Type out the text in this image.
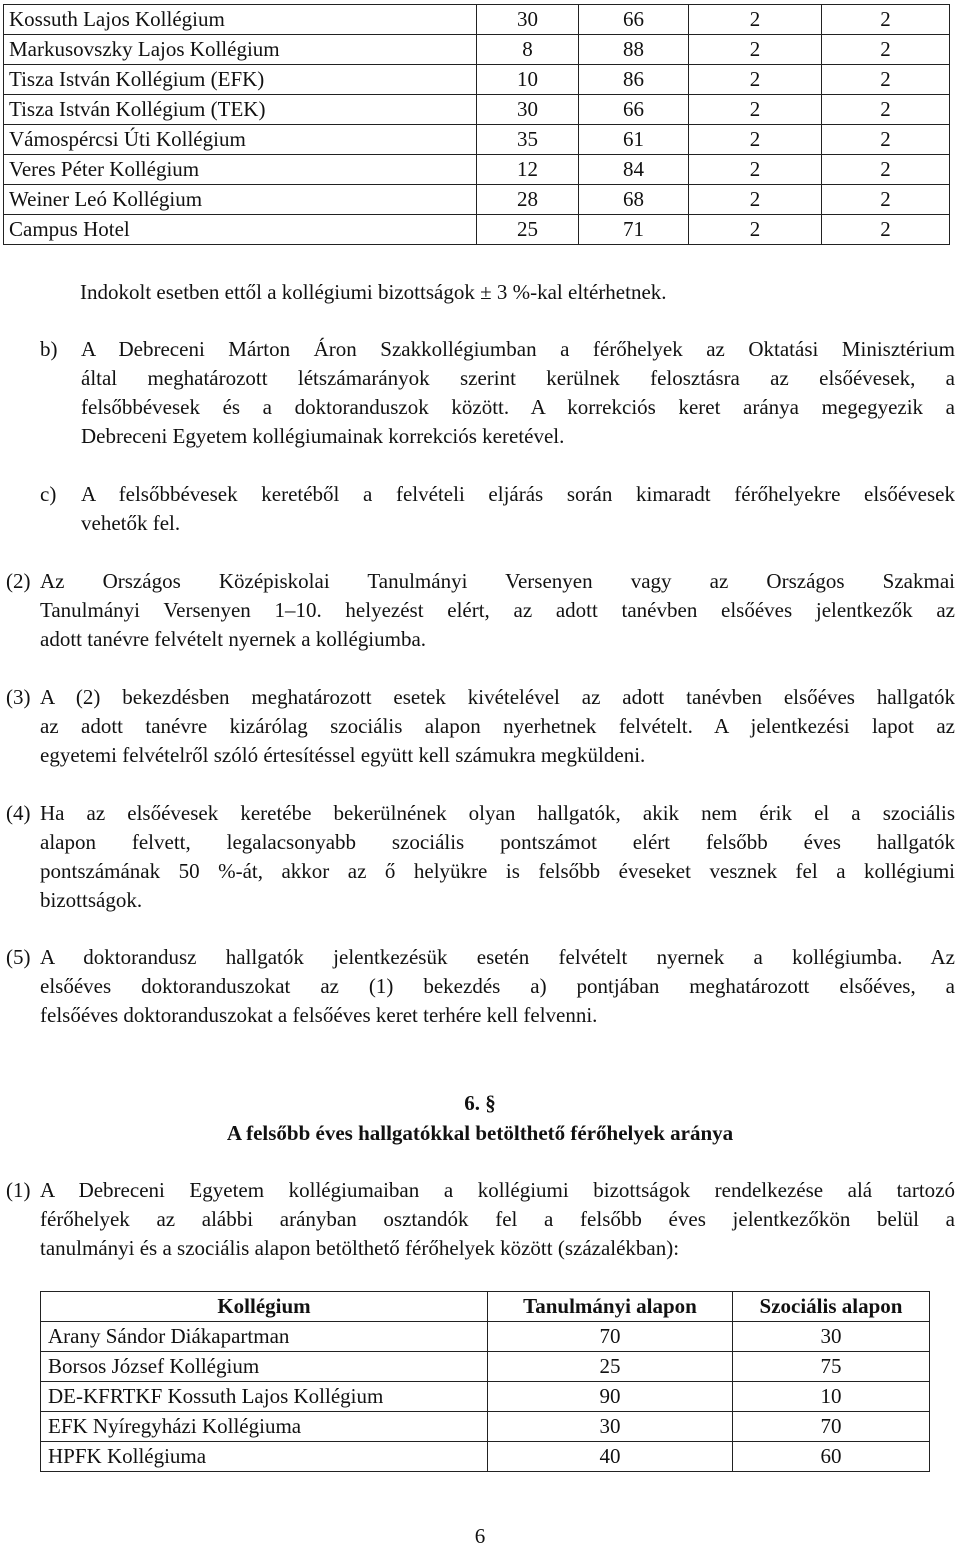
Kossuth Lajos Kollégium	30	66	2	2
Markusovszky Lajos Kollégium	8	88	2	2
Tisza István Kollégium (EFK)	10	86	2	2
Tisza István Kollégium (TEK)	30	66	2	2
Vámospércsi Úti Kollégium	35	61	2	2
Veres Péter Kollégium	12	84	2	2
Weiner Leó Kollégium	28	68	2	2
Campus Hotel	25	71	2	2
Indokolt esetben ettől a kollégiumi bizottságok ± 3 %-kal eltérhetnek.
b) A Debreceni Márton Áron Szakkollégiumban a férőhelyek az Oktatási Minisztérium
által meghatározott létszámarányok szerint kerülnek felosztásra az elsőévesek, a
felsőbbévesek és a doktoranduszok között. A korrekciós keret aránya megegyezik a
Debreceni Egyetem kollégiumainak korrekciós keretével.
c) A felsőbbévesek keretéből a felvételi eljárás során kimaradt férőhelyekre elsőévesek
vehetők fel.
(2) Az Országos Középiskolai Tanulmányi Versenyen vagy az Országos Szakmai
Tanulmányi Versenyen 1–10. helyezést elért, az adott tanévben elsőéves jelentkezők az
adott tanévre felvételt nyernek a kollégiumba.
(3) A (2) bekezdésben meghatározott esetek kivételével az adott tanévben elsőéves hallgatók
az adott tanévre kizárólag szociális alapon nyerhetnek felvételt. A jelentkezési lapot az
egyetemi felvételről szóló értesítéssel együtt kell számukra megküldeni.
(4) Ha az elsőévesek keretébe bekerülnének olyan hallgatók, akik nem érik el a szociális
alapon felvett, legalacsonyabb szociális pontszámot elért felsőbb éves hallgatók
pontszámának 50 %-át, akkor az ő helyükre is felsőbb éveseket vesznek fel a kollégiumi
bizottságok.
(5) A doktorandusz hallgatók jelentkezésük esetén felvételt nyernek a kollégiumba. Az
elsőéves doktoranduszokat az (1) bekezdés a) pontjában meghatározott elsőéves, a
felsőéves doktoranduszokat a felsőéves keret terhére kell felvenni.
6. §
A felsőbb éves hallgatókkal betölthető férőhelyek aránya
(1) A Debreceni Egyetem kollégiumaiban a kollégiumi bizottságok rendelkezése alá tartozó
férőhelyek az alábbi arányban osztandók fel a felsőbb éves jelentkezőkön belül a
tanulmányi és a szociális alapon betölthető férőhelyek között (százalékban):
Kollégium	Tanulmányi alapon	Szociális alapon
Arany Sándor Diákapartman	70	30
Borsos József Kollégium	25	75
DE-KFRTKF Kossuth Lajos Kollégium	90	10
EFK Nyíregyházi Kollégiuma	30	70
HPFK Kollégiuma	40	60
6
